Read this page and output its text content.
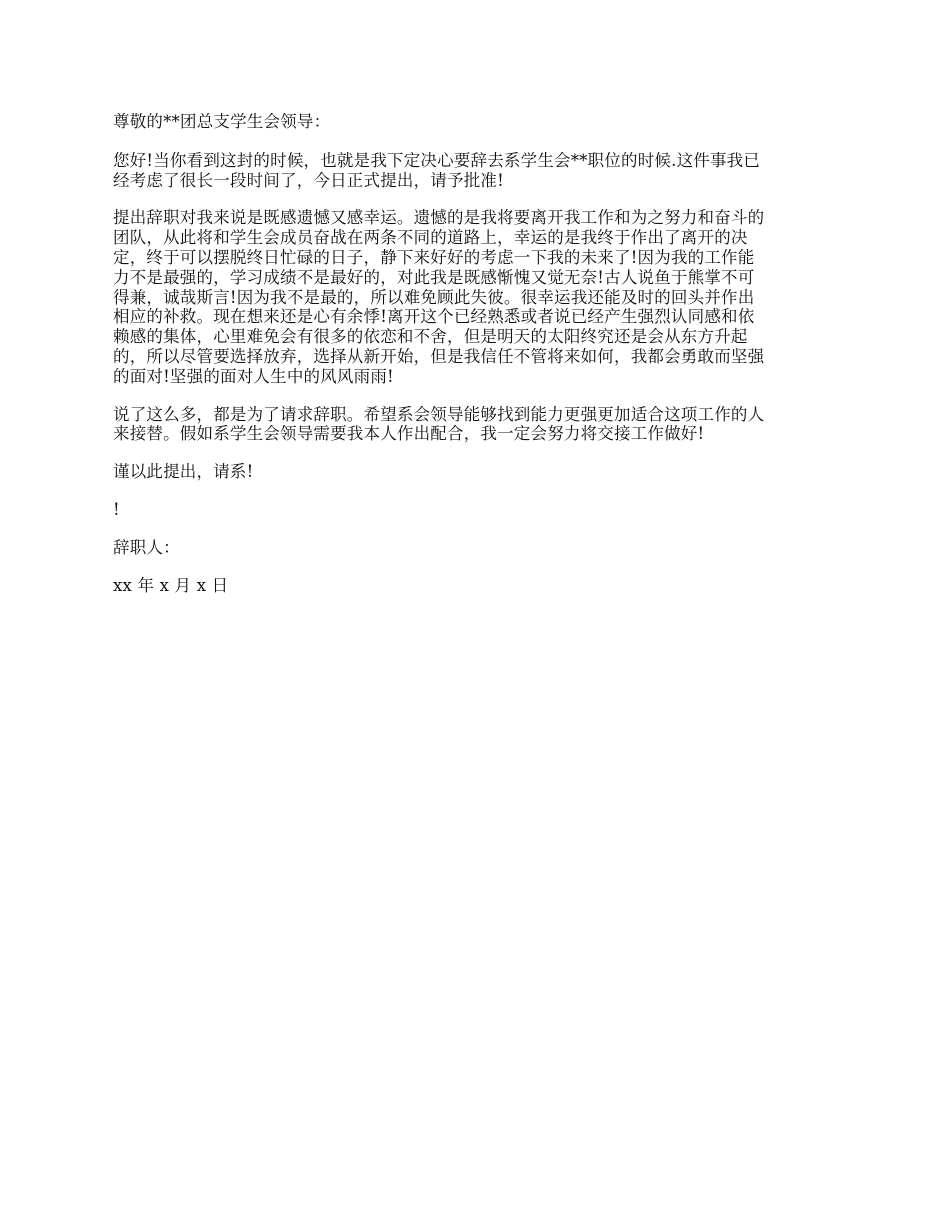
尊敬的**团总支学生会领导：

您好!当你看到这封的时候，也就是我下定决心要辞去系学生会**职位的时候.这件事我已
经考虑了很长一段时间了，今日正式提出，请予批准!

提出辞职对我来说是既感遗憾又感幸运。遗憾的是我将要离开我工作和为之努力和奋斗的
团队，从此将和学生会成员奋战在两条不同的道路上，幸运的是我终于作出了离开的决
定，终于可以摆脱终日忙碌的日子，静下来好好的考虑一下我的未来了!因为我的工作能
力不是最强的，学习成绩不是最好的，对此我是既感惭愧又觉无奈!古人说鱼于熊掌不可
得兼，诚哉斯言!因为我不是最的，所以难免顾此失彼。很幸运我还能及时的回头并作出
相应的补救。现在想来还是心有余悸!离开这个已经熟悉或者说已经产生强烈认同感和依
赖感的集体，心里难免会有很多的依恋和不舍，但是明天的太阳终究还是会从东方升起
的，所以尽管要选择放弃，选择从新开始，但是我信任不管将来如何，我都会勇敢而坚强
的面对!坚强的面对人生中的风风雨雨!

说了这么多，都是为了请求辞职。希望系会领导能够找到能力更强更加适合这项工作的人
来接替。假如系学生会领导需要我本人作出配合，我一定会努力将交接工作做好!

谨以此提出，请系!

!

辞职人：

xx 年 x 月 x 日
